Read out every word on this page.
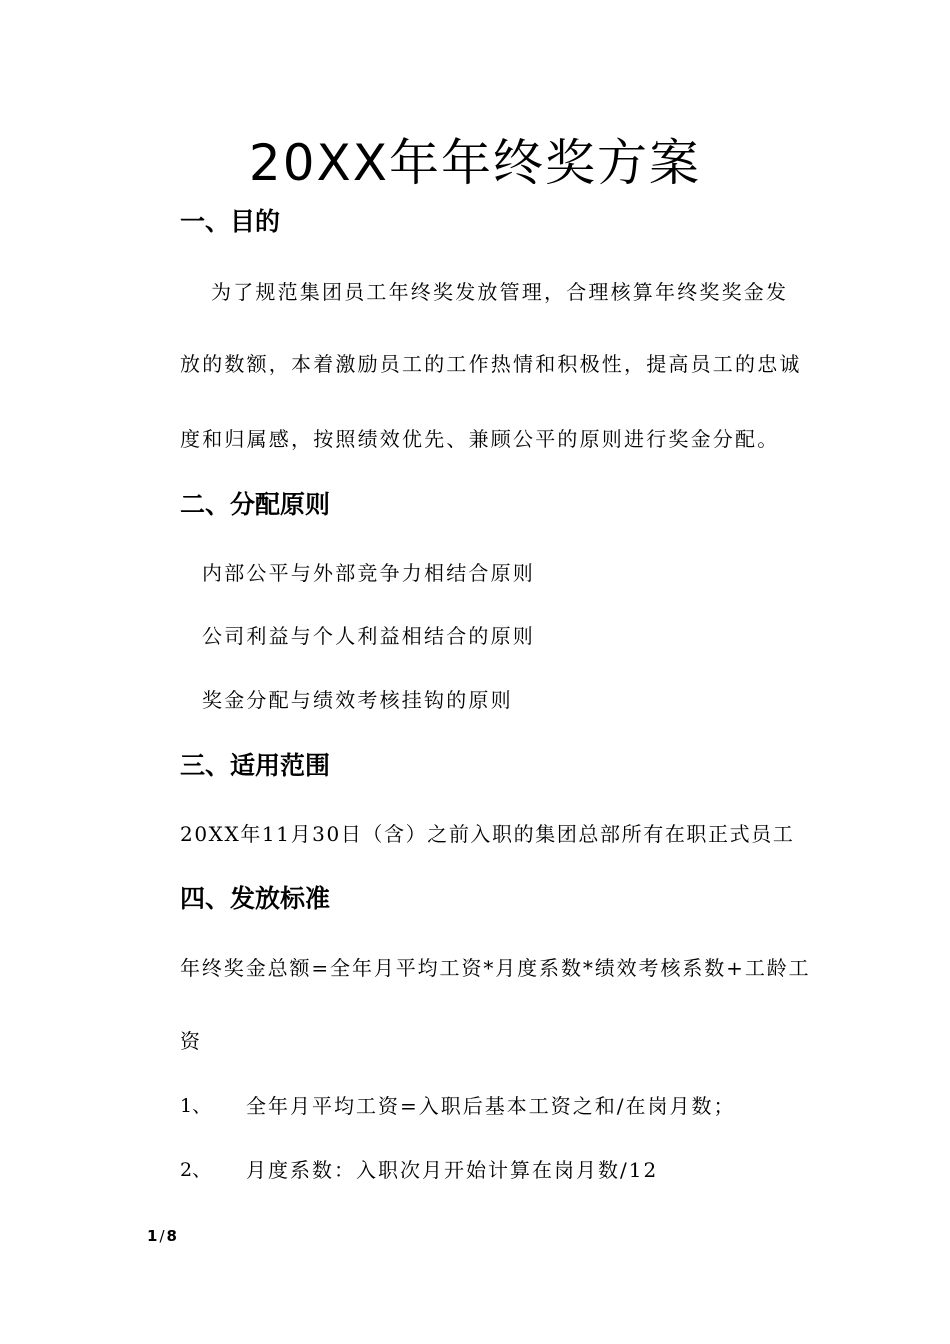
20XX年年终奖方案
一、目的
为了规范集团员工年终奖发放管理，合理核算年终奖奖金发
放的数额，本着激励员工的工作热情和积极性，提高员工的忠诚
度和归属感，按照绩效优先、兼顾公平的原则进行奖金分配。
二、分配原则
内部公平与外部竞争力相结合原则
公司利益与个人利益相结合的原则
奖金分配与绩效考核挂钩的原则
三、适用范围
20XX年11月30日（含）之前入职的集团总部所有在职正式员工
四、发放标准
年终奖金总额=全年月平均工资*月度系数*绩效考核系数+工龄工
资
1、 全年月平均工资=入职后基本工资之和/在岗月数；
2、 月度系数：入职次月开始计算在岗月数/12
1 / 8
